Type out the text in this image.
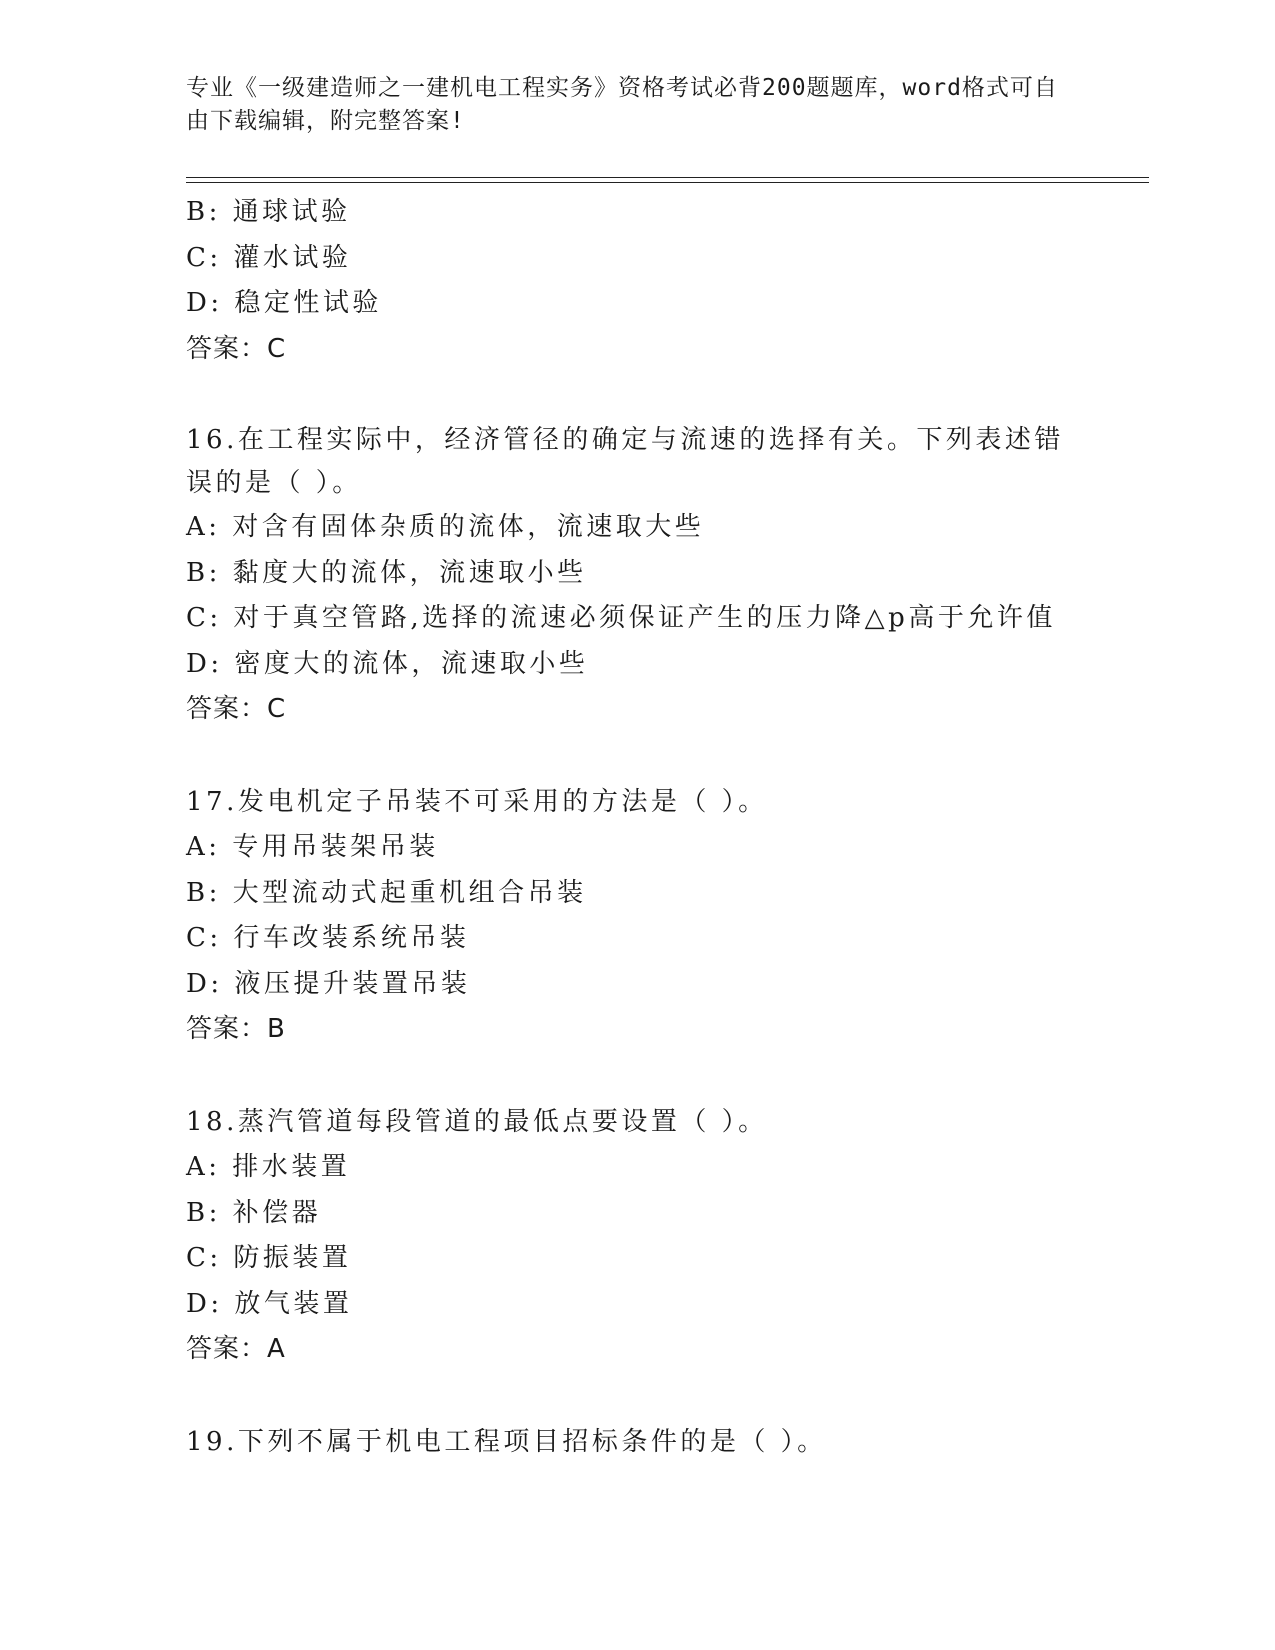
专业《一级建造师之一建机电工程实务》资格考试必背200题题库，word格式可自由下载编辑，附完整答案!
B: 通球试验
C: 灌水试验
D: 稳定性试验
答案：C
16.在工程实际中，经济管径的确定与流速的选择有关。下列表述错误的是（ ）。
A: 对含有固体杂质的流体，流速取大些
B: 黏度大的流体，流速取小些
C: 对于真空管路,选择的流速必须保证产生的压力降△p高于允许值
D: 密度大的流体，流速取小些
答案：C
17.发电机定子吊装不可采用的方法是（ ）。
A: 专用吊装架吊装
B: 大型流动式起重机组合吊装
C: 行车改装系统吊装
D: 液压提升装置吊装
答案：B
18.蒸汽管道每段管道的最低点要设置（ ）。
A: 排水装置
B: 补偿器
C: 防振装置
D: 放气装置
答案：A
19.下列不属于机电工程项目招标条件的是（ ）。
